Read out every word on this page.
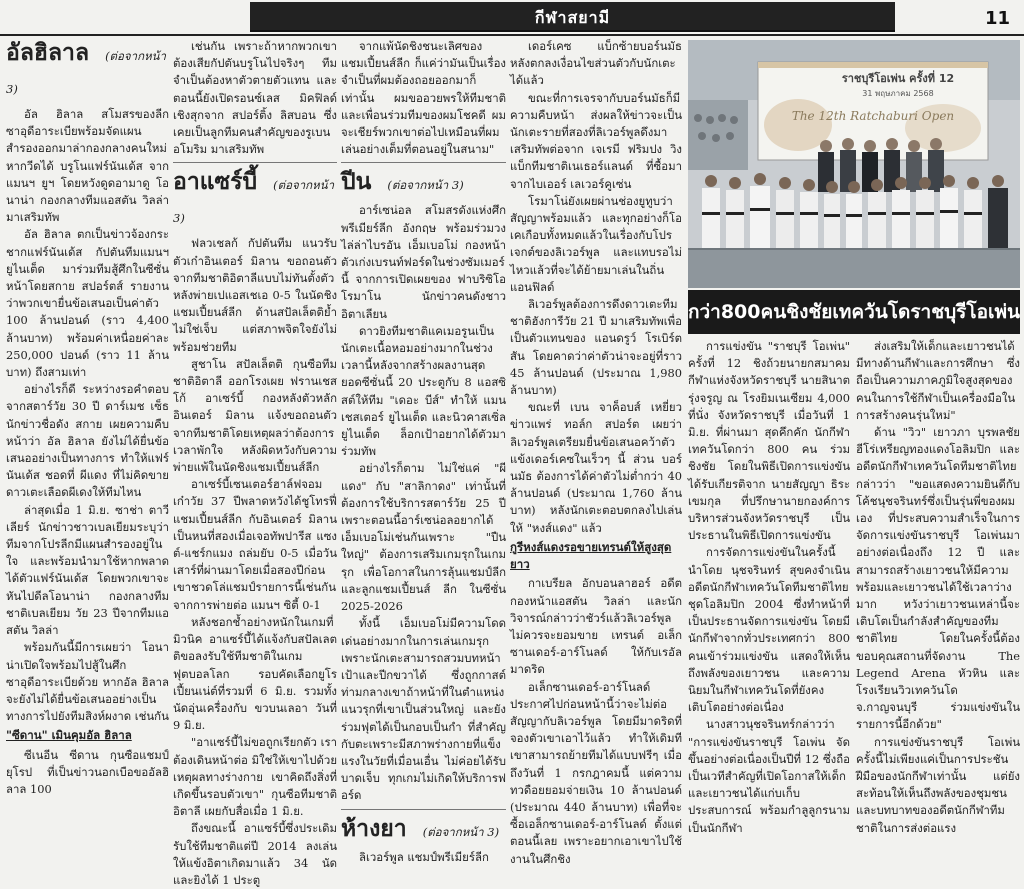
กีฬาสยามี	11
อัลฮิลาล (ต่อจากหน้า 3)

อัล ฮิลาล สโมสรของลีกซาอุดีอาระเบียพร้อมจัดแผนสำรองออกมาล่ากองกลางคนใหม่หากวีดได้ บรูโนแฟร์นันเด้ส จากแมนฯ ยูฯ โดยหวังดูดอามาดู โอนาน่า กองกลางทีมแอสตัน วิลล่า มาเสริมทัพ

อัล ฮิลาล ตกเป็นข่าวจ้องกระชากแฟร์นันเด้ส กัปตันทีมแมนฯ ยูไนเต็ด มาร่วมทีมสู้ศึกในซีซั่นหน้าโดยสกาย สปอร์ตส์ รายงานว่าพวกเขายื่นข้อเสนอเป็นค่าตัว 100 ล้านปอนด์ (ราว 4,400 ล้านบาท) พร้อมค่าเหนื่อยค่าละ 250,000 ปอนด์ (ราว 11 ล้านบาท) ถึงสามเท่า

อย่างไรก็ดี ระหว่างรอคำตอบจากสตาร์วัย 30 ปี ดาร์เมช เซ็ธ นักข่าวชื่อดัง สกาย เผยความคืบหน้าว่า อัล ฮิลาล ยังไม่ได้ยื่นข้อเสนออย่างเป็นทางการ ทำให้แฟร์นันเด้ส ชอดที่ ผีแดง ที่ไม่คิดขายดาวเตะเลือดผีเดงให้ทีมไหน

ล่าสุดเมื่อ 1 มิ.ย. ซาช่า ตาวีเลียร์ นักข่าวชาวเบลเยียมระบุว่าทีมจากโปรลีกมีแผนสำรองอยู่ในใจ และพร้อมนำมาใช้หากพลาดได้ตัวแฟร์นันเด้ส โดยพวกเขาจะหันไปดีลโอนาน่า กองกลางทีมชาติเบลเยียม วัย 23 ปีจากทีมแอสตัน วิลล่า

พร้อมกันนี้มีการเผยว่า โอนาน่าเปิดใจพร้อมไปสู้ในศึกซาอุดีอาระเบียด้วย หากอัล ฮิลาล จะยังไม่ได้ยื่นข้อเสนออย่างเป็นทางการไปยังทีมสิงห์ผงาด เช่นกัน

"ซีดาน" เมินคุมอัล ฮิลาล

ซีเนอีน ซีดาน กุนซือแชมป์ยุโรป ที่เป็นข่าวนอกเบือขออัลฮิลาล 100

เช่นกัน เพราะถ้าหากพวกเขาต้องเสียกัปตันบรูโนไปจริงๆ ทีมจำเป็นต้องหาตัวตายตัวแทน และตอนนี้ยังเปิดรอนซ์เลส มิคฟิลด์เชิงสุกจาก สปอร์ติ้ง ลิสบอน ซึ่งเคยเป็นลูกทีมคนสำคัญของรูเบน อโมริม มาเสริมทัพ

อาแซร์บี้ (ต่อจากหน้า 3)

ฟลวเชลก้ กัปตันทีม แนวรับตัวเก๋าอินเตอร์ มิลาน ขอถอนตัวจากทีมชาติอิตาลีแบบไม่ทันตั้งตัว หลังพ่ายเปแอสเชเอ 0-5 ในนัดชิงแชมเปี้ยนส์ลีก ด้านสปัลเล็ตติย้ำไม่ใช่เจ็บ แต่สภาพจิตใจยังไม่พร้อมช่วยทีม

สูชาโน สปัลเล็ตติ กุนซือทีมชาติอิตาลี ออกโรงเผย ฟรานเชสโก้ อาเซร์บี้ กองหลังตัวหลัก อินเตอร์ มิลาน แจ้งขอถอนตัวจากทีมชาติโดยเหตุผลว่าต้องการเวลาพักใจ หลังผิดหวังกับความพ่ายแพ้ในนัดชิงแชมเปี้ยนส์ลีก

อาเซร์บี้เซนเตอร์ฮาล์ฟจอมเก๋าวัย 37 ปีพลาดหวังได้ชูโทรฟี่ แชมเปี้ยนส์ลีก กับอินเตอร์ มิลาน เป็นหนที่สองเมื่อเจอทัพปารีส แซงต์-แชร์กแมง ถล่มยับ 0-5 เมื่อวันเสาร์ที่ผ่านมาโดยเมื่อสองปีก่อน เขาชวดโล่แชมป์รายการนี้เช่นกัน จากการพ่ายต่อ แมนฯ ซิตี้ 0-1

หลังชอกช้ำอย่างหนักในเกมที่มิวนิค อาแซร์บี้ได้แจ้งกับสปัลเลตติขอลงรับใช้ทีมชาติในเกมฟุตบอลโลก รอบคัดเลือกยูโรเปี้ยนเน่ต์ที่รวมที่ 6 มิ.ย. รวมทั้งนัดอุ่นเครื่องกับ ขวบนเลอา วันที่ 9 มิ.ย.

"อาแซร์บี้ไม่ขอถูกเรียกตัว เราต้องเดินหน้าต่อ มิใช่ให้เขาไปด้วยเหตุผลทางร่างกาย เขาคิดถึงสิ่งที่เกิดขึ้นรอบตัวเขา" กุนซือทีมชาติอิตาลี เผยกับสื่อเมื่อ 1 มิ.ย.

ถึงขณะนี้ อาแซร์บี้ซึ่งประเดิมรับใช้ทีมชาติแต่ปี 2014 ลงเล่นให้แข้งอิตาเกิดมาแล้ว 34 นัด และยิงได้ 1 ประตู

จากแพ้นัดชิงชนะเลิศของ แชมเปี้ยนส์ลีก ก็แค่ว่ามันเป็นเรื่องจำเป็นที่ผมต้องถอยออกมาก็เท่านั้น ผมขออวยพรให้ทีมชาติและเพื่อนร่วมทีมของผมโชคดี ผมจะเชียร์พวกเขาต่อไปเหมือนที่ผมเล่นอย่างเต็มที่ตอนอยู่ในสนาม"

ปีน (ต่อจากหน้า 3)

อาร์เซน่อล สโมสรดังแห่งศึกพรีเมียร์ลีก อังกฤษ พร้อมร่วมวงไล่ล่าไบรอัน เอ็มเบอโม่ กองหน้าตัวเก่งเบรนท์ฟอร์ดในช่วงซัมเมอร์นี้ จากการเปิดเผยของ ฟาบริซิโอ โรมาโน นักข่าวคนดังชาวอิตาเลียน

ดาวยิงทีมชาติแคเมอรูนเป็นนักเตะเนื้อหอมอย่างมากในช่วงเวลานี้หลังจากสร้างผลงานสุดยอดซีซั่นนี้ 20 ประตูกับ 8 แอสซิสต์ให้ทีม "เดอะ บีส์" ทำให้ แมนเชสเตอร์ ยูไนเต็ด และนิวคาสเซิ่ล ยูไนเต็ด ล็อกเป้าอยากได้ตัวมาร่วมทัพ

อย่างไรก็ตาม ไม่ใช่แค่ "ผีแดง" กับ "สาลิกาดง" เท่านั้นที่ต้องการใช้บริการสตาร์วัย 25 ปี เพราะตอนนี้อาร์เซน่อลอยากได้เอ็มเบอโม่เช่นกันเพราะ "ปืนใหญ่" ต้องการเสริมเกมรุกในเกมรุก เพื่อโอกาสในการลุ้นแชมป์ลีกและลูกแชมเปี้ยนส์ ลีก ในซีซั่น 2025-2026

ทั้งนี้ เอ็มเบอโม่มีความโดดเด่นอย่างมากในการเล่นเกมรุก เพราะนักเตะสามารถสวมบทหน้าเป้าและปีกขวาได้ ซึ่งถูกกาสต์ท่ามกลางเขาถ้าหน้าที่ในตำแหน่งแนวรุกที่เขาเป็นส่วนใหญ่ และยังร่วมฟุตได้เป็นกอบเป็นกำ ที่สำคัญกับตะเพราะมีสภาพร่างกายที่แข็งแรงในวัยที่เมื่อนเอื่น ไม่ค่อยได้รับบาดเจ็บ ทุกเกมไม่เกิดให้บริการฟอร์ด

ห้างยา (ต่อจากหน้า 3)

ลิเวอร์พูล แชมป์พรีเมียร์ลีก

เดอร์เคซ แบ็กซ้ายบอร์นมัธ หลังตกลงเงื่อนไขส่วนตัวกับนักเตะได้แล้ว

ขณะที่การเจรจากับบอร์นมัธก็มีความคืบหน้า ส่งผลให้ข่าวจะเป็นนักเตะรายที่สองที่ลิเวอร์พูลดึงมาเสริมทัพต่อจาก เจเรมี ฟริมปง วิงแบ็กทีมชาติเนเธอร์แลนด์ ที่ซื้อมาจากไบเออร์ เลเวอร์คูเซ่น

โรมาโน่ยังเผยผ่านช่องยูทูบว่าสัญญาพร้อมแล้ว และทุกอย่างก็โอเคเกือบทั้งหมดแล้วในเรื่องกับโปรเจกต์ของลิเวอร์พูล และแทบรอไม่ไหวแล้วที่จะได้ย้ายมาเล่นในถิ่นแอนฟิลด์

ลิเวอร์พูลต้องการดึงดาวเตะทีมชาติฮังการีวัย 21 ปี มาเสริมทัพเพื่อเป็นตัวแทนของ แอนดรูว์ โรเบิร์ตสัน โดยคาดว่าค่าตัวน่าจะอยู่ที่ราว 45 ล้านปอนด์ (ประมาณ 1,980 ล้านบาท)

ขณะที่ เบน จาค็อบส์ เหยี่ยวข่าวแพร่ ทอล์ก สปอร์ต เผยว่า ลิเวอร์พูลเตรียมยื่นข้อเสนอคว้าตัวแข้งเดอร์เคซในเร็วๆ นี้ ส่วน บอร์นมัธ ต้องการได้ค่าตัวไม่ต่ำกว่า 40 ล้านปอนด์ (ประมาณ 1,760 ล้านบาท) หลังนักเตะตอบตกลงไปเล่นให้ "หงส์แดง" แล้ว

กูรีหงส์แดงรอขายเทรนต์ให้สูงสุดยาว

กาเบรียล อักบอนลาฮอร์ อดีตกองหน้าแอสตัน วิลล่า และนักวิจารณ์กล่าวว่าชัวร์แล้วลิเวอร์พูลไม่ควรจะยอมขาย เทรนต์ อเล็กซานเดอร์-อาร์โนลด์ ให้กับเรอัล มาดริด

อเล็กซานเดอร์-อาร์โนลด์ ประกาศไปก่อนหน้านี้ว่าจะไม่ต่อสัญญากับลิเวอร์พูล โดยมีมาดริดที่จองตัวเขาเอาไว้แล้ว ทำให้เดิมทีเขาสามารถย้ายทีมได้แบบฟรีๆ เมื่อถึงวันที่ 1 กรกฎาคมนี้ แต่ความทวดือยยอมจ่ายเงิน 10 ล้านปอนด์ (ประมาณ 440 ล้านบาท) เพื่อที่จะซื้อเอล็กซานเดอร์-อาร์โนลด์ ตั้งแต่ตอนนี้เลย เพราะอยากเอาเขาไปใช้งานในศึกชิง

ราชบุรีโอเพ่น ครั้งที่ 12
31 พฤษภาคม 2568
The 12th Ratchaburi Open
กว่า800คนชิงชัยเทควันโดราชบุรีโอเพ่น

การแข่งขัน "ราชบุรี โอเพ่น" ครั้งที่ 12 ชิงถ้วยนายกสมาคมกีฬาแห่งจังหวัดราชบุรี นายสินาต รุ่งจรูญ ณ โรงยิมเนเซียม 4,000 ที่นั่ง จังหวัดราชบุรี เมื่อวันที่ 1 มิ.ย. ที่ผ่านมา สุดคึกคัก นักกีฬาเทควันโดกว่า 800 คน ร่วมชิงชัย โดยในพิธีเปิดการแข่งขันได้รับเกียรติจาก นายสัญญา ธิระเขมกุล ที่ปรึกษานายกองค์การบริหารส่วนจังหวัดราชบุรี เป็นประธานในพิธีเปิดการแข่งขัน

การจัดการแข่งขันในครั้งนี้ นำโดย นุชจรินทร์ สุขคงจำเนิน อดีตนักกีฬาเทควันโดทีมชาติไทย ชุดโอลิมปิก 2004 ซึ่งทำหน้าที่เป็นประธานจัดการแข่งขัน โดยมีนักกีฬาจากทั่วประเทศกว่า 800 คนเข้าร่วมแข่งขัน แสดงให้เห็นถึงพลังของเยาวชน และความนิยมในกีฬาเทควันโดที่ยังคงเติบโตอย่างต่อเนื่อง

นางสาวนุชจรินทร์กล่าวว่า "การแข่งขันราชบุรี โอเพ่น จัดขึ้นอย่างต่อเนื่องเป็นปีที่ 12 ซึ่งถือเป็นเวทีสำคัญที่เปิดโอกาสให้เด็กและเยาวชนได้แก่บเก็บประสบการณ์ พร้อมกำลูลูกรนามเป็นนักกีฬา

ส่งเสริมให้เด็กและเยาวชนได้มีทางด้านกีฬาและการศึกษา ซึ่งถือเป็นความภาคภูมิใจสูงสุดของคนในการใช้กีฬาเป็นเครื่องมือในการสร้างคนรุ่นใหม่"

ด้าน "วิว" เยาวภา บุรพลชัย ฮีโร่เหรียญทองแดงโอลิมปิก และอดีตนักกีฬาเทควันโดทีมชาติไทย กล่าวว่า "ขอแสดงความยินดีกับโค้ชนุชจรินทร์ซึ่งเป็นรุ่นพี่ของผมเอง ที่ประสบความสำเร็จในการจัดการแข่งขันราชบุรี โอเพ่นมาอย่างต่อเนื่องถึง 12 ปี และสามารถสร้างเยาวชนให้มีความพร้อมและเยาวชนได้ใช้เวลาว่างมาก หวังว่าเยาวชนเหล่านี้จะเติบโตเป็นกำลังสำคัญของทีมชาติไทย โดยในครั้งนี้ต้องขอบคุณสถานที่จัดงาน The Legend Arena หัวหิน และโรงเรียนวิวเทควันโด จ.กาญจนบุรี ร่วมแข่งขันในรายการนี้อีกด้วย"

การแข่งขันราชบุรี โอเพ่น ครั้งนี้ไม่เพียงแค่เป็นการประชันฝีมือของนักกีฬาเท่านั้น แต่ยังสะท้อนให้เห็นถึงพลังของชุมชนและบทบาทของอดีตนักกีฬาทีมชาติในการส่งต่อแรง
